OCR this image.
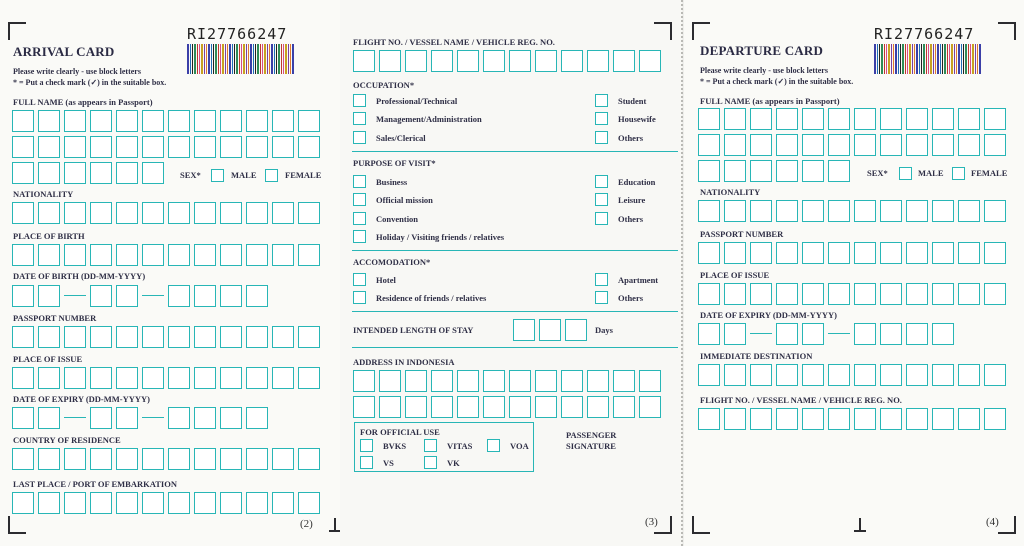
ARRIVAL CARD
Please write clearly - use block letters
* = Put a check mark (✓) in the suitable box.
RI27766247
FULL NAME (as appears in Passport)
SEX*	MALE	FEMALE
NATIONALITY
PLACE OF BIRTH
DATE OF BIRTH (DD-MM-YYYY)
PASSPORT NUMBER
PLACE OF ISSUE
DATE OF EXPIRY (DD-MM-YYYY)
COUNTRY OF RESIDENCE
LAST PLACE / PORT OF EMBARKATION
(2)
FLIGHT NO. / VESSEL NAME / VEHICLE REG. NO.
OCCUPATION*
Professional/Technical
Management/Administration
Sales/Clerical
Student
Housewife
Others
PURPOSE OF VISIT*
Business
Official mission
Convention
Holiday / Visiting friends / relatives
Education
Leisure
Others
ACCOMODATION*
Hotel
Residence of friends / relatives
Apartment
Others
INTENDED LENGTH OF STAY	Days
ADDRESS IN INDONESIA
FOR OFFICIAL USE
BVKS	VITAS	VOA
VS	VK
PASSENGER
SIGNATURE
(3)
DEPARTURE CARD
Please write clearly - use block letters
* = Put a check mark (✓) in the suitable box.
RI27766247
FULL NAME (as appears in Passport)
SEX*	MALE	FEMALE
NATIONALITY
PASSPORT NUMBER
PLACE OF ISSUE
DATE OF EXPIRY (DD-MM-YYYY)
IMMEDIATE DESTINATION
FLIGHT NO. / VESSEL NAME / VEHICLE REG. NO.
(4)
